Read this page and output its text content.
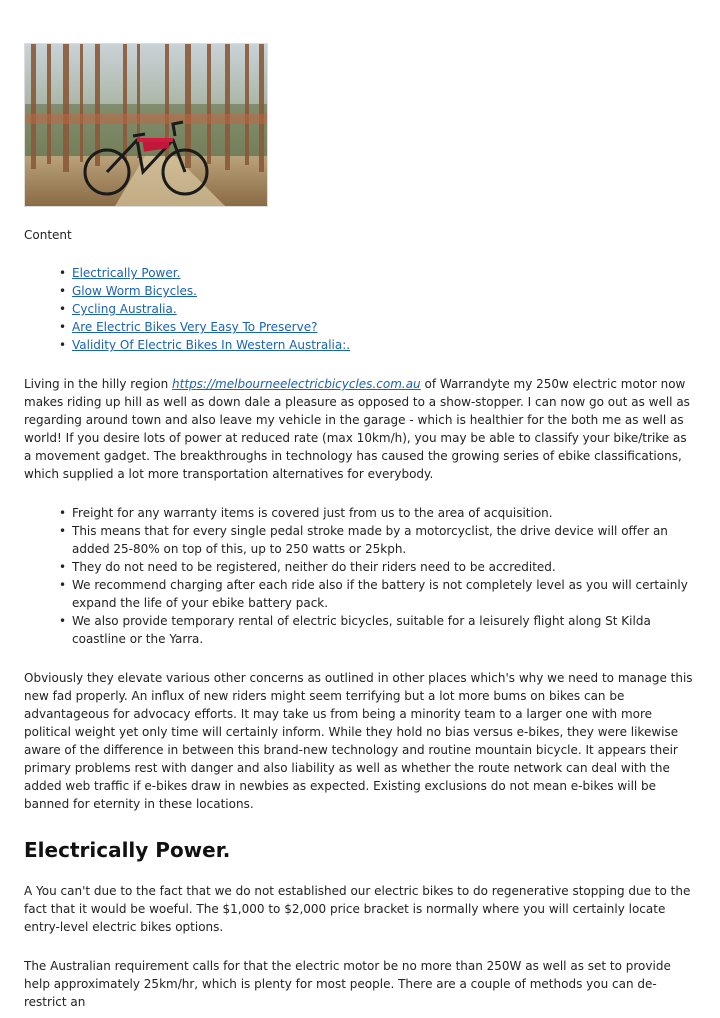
Content

• Electrically Power.
• Glow Worm Bicycles.
• Cycling Australia.
• Are Electric Bikes Very Easy To Preserve?
• Validity Of Electric Bikes In Western Australia:.

Living in the hilly region https://melbourneelectricbicycles.com.au of Warrandyte my 250w electric motor now makes riding up hill as well as down dale a pleasure as opposed to a show-stopper. I can now go out as well as regarding around town and also leave my vehicle in the garage - which is healthier for the both me as well as world! If you desire lots of power at reduced rate (max 10km/h), you may be able to classify your bike/trike as a movement gadget. The breakthroughs in technology has caused the growing series of ebike classifications, which supplied a lot more transportation alternatives for everybody.

• Freight for any warranty items is covered just from us to the area of acquisition.
• This means that for every single pedal stroke made by a motorcyclist, the drive device will offer an added 25-80% on top of this, up to 250 watts or 25kph.
• They do not need to be registered, neither do their riders need to be accredited.
• We recommend charging after each ride also if the battery is not completely level as you will certainly expand the life of your ebike battery pack.
• We also provide temporary rental of electric bicycles, suitable for a leisurely flight along St Kilda coastline or the Yarra.

Obviously they elevate various other concerns as outlined in other places which's why we need to manage this new fad properly. An influx of new riders might seem terrifying but a lot more bums on bikes can be advantageous for advocacy efforts. It may take us from being a minority team to a larger one with more political weight yet only time will certainly inform. While they hold no bias versus e-bikes, they were likewise aware of the difference in between this brand-new technology and routine mountain bicycle. It appears their primary problems rest with danger and also liability as well as whether the route network can deal with the added web traffic if e-bikes draw in newbies as expected. Existing exclusions do not mean e-bikes will be banned for eternity in these locations.

Electrically Power.

A You can't due to the fact that we do not established our electric bikes to do regenerative stopping due to the fact that it would be woeful. The $1,000 to $2,000 price bracket is normally where you will certainly locate entry-level electric bikes options.

The Australian requirement calls for that the electric motor be no more than 250W as well as set to provide help approximately 25km/hr, which is plenty for most people. There are a couple of methods you can de-restrict an
